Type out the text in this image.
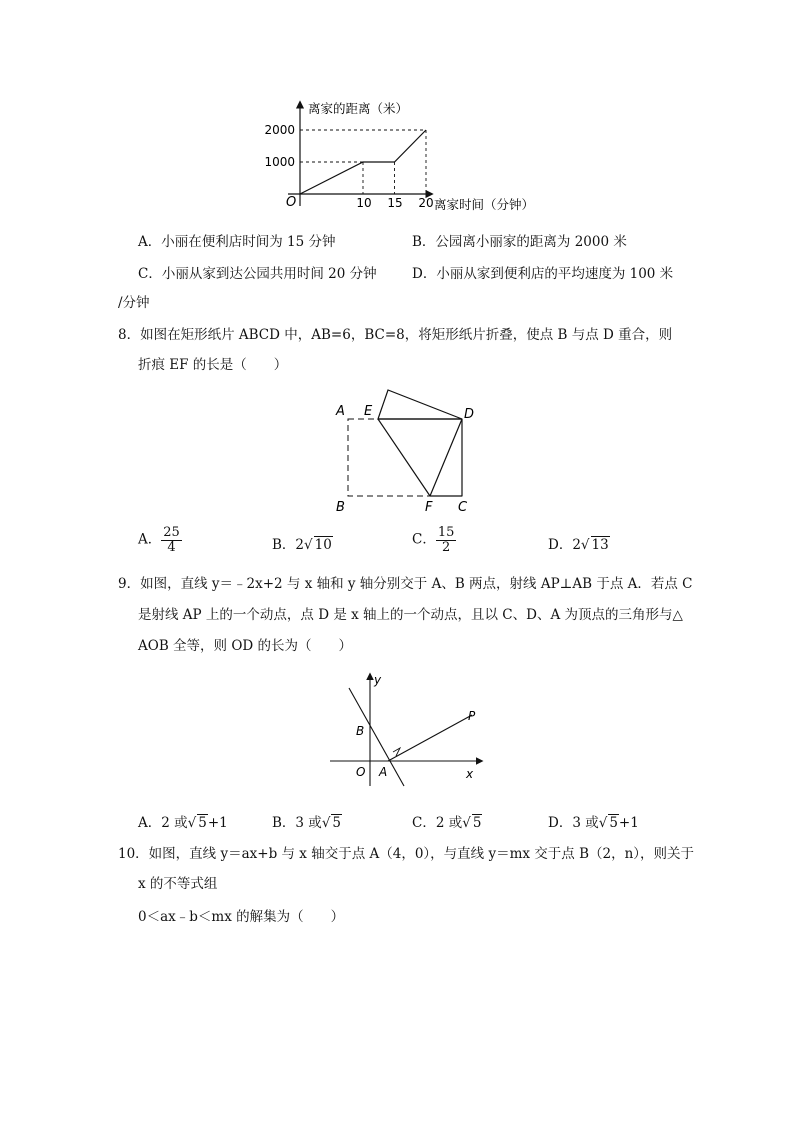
离家的距离（米）
离家时间（分钟）
O
1000
2000
10 15 20
A．小丽在便利店时间为 15 分钟	B．公园离小丽家的距离为 2000 米
C．小丽从家到达公园共用时间 20 分钟	D．小丽从家到便利店的平均速度为 100 米
/分钟
8．如图在矩形纸片 ABCD 中，AB=6，BC=8，将矩形纸片折叠，使点 B 与点 D 重合，则
折痕 EF 的长是（　　）
A E	D
B	F C
A． $\frac{25}{4}$	B．2√ 10	C． $\frac{15}{2}$	D．2√ 13
9．如图，直线 y＝﹣2x+2 与 x 轴和 y 轴分别交于 A、B 两点，射线 AP⊥AB 于点 A．若点 C
是射线 AP 上的一个动点，点 D 是 x 轴上的一个动点，且以 C、D、A 为顶点的三角形与△
AOB 全等，则 OD 的长为（　　）
y
x
P
B
O A
A．2 或√ 5+1	B．3 或√ 5	C．2 或√ 5	D．3 或√ 5+1
10．如图，直线 y＝ax+b 与 x 轴交于点 A（4，0），与直线 y＝mx 交于点 B（2，n），则关于
x 的不等式组
0＜ax﹣b＜mx 的解集为（　　）
